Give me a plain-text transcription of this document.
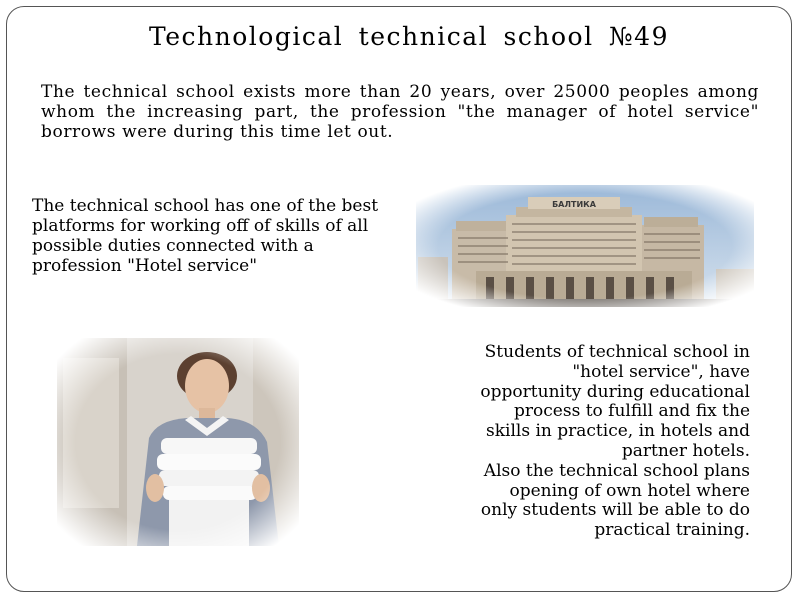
Technological technical school №49
The technical school exists more than 20 years, over 25000 peoples among whom the increasing part, the profession "the manager of hotel service" borrows were during this time let out.
The technical school has one of the best platforms for working off of skills of all possible duties connected with a profession "Hotel service"
Students of technical school in
"hotel service", have
opportunity during educational
process to fulfill and fix the
skills in practice, in hotels and
partner hotels.
Also the technical school plans
opening of own hotel where
only students will be able to do
practical training.
